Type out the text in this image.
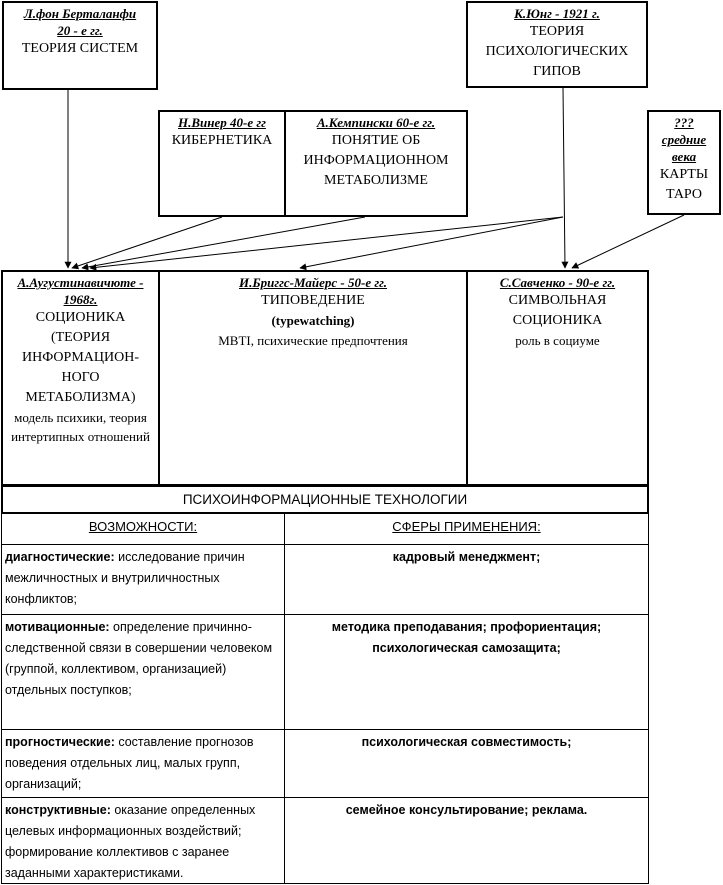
Л.фон Берталанфи
20 - е гг.
ТЕОРИЯ СИСТЕМ
К.Юнг - 1921 г.
ТЕОРИЯ ПСИХОЛОГИЧЕСКИХ ГИПОВ
Н.Винер 40-е гг
КИБЕРНЕТИКА
А.Кемпински 60-е гг.
ПОНЯТИЕ ОБ ИНФОРМАЦИОННОМ МЕТАБОЛИЗМЕ
???
средние
века
КАРТЫ ТАРО
А.Аугустинавичюте - 1968г.
СОЦИОНИКА (ТЕОРИЯ ИНФОРМАЦИОН-НОГО МЕТАБОЛИЗМА)
модель психики, теория интертипных отношений
И.Бриггс-Майерс - 50-е гг.
ТИПОВЕДЕНИЕ
(typewatching)
MBTI, психические предпочтения
С.Савченко - 90-е гг.
СИМВОЛЬНАЯ СОЦИОНИКА
роль в социуме
ПСИХОИНФОРМАЦИОННЫЕ ТЕХНОЛОГИИ
ВОЗМОЖНОСТИ:	СФЕРЫ ПРИМЕНЕНИЯ:
диагностические: исследование причин межличностных и внутриличностных конфликтов;
кадровый менеджмент;
мотивационные: определение причинно-следственной связи в совершении человеком (группой, коллективом, организацией) отдельных поступков;
методика преподавания; профориентация;
психологическая самозащита;
прогностические: составление прогнозов поведения отдельных лиц, малых групп, организаций;
психологическая совместимость;
конструктивные: оказание определенных целевых информационных воздействий; формирование коллективов с заранее заданными характеристиками.
семейное консультирование; реклама.
